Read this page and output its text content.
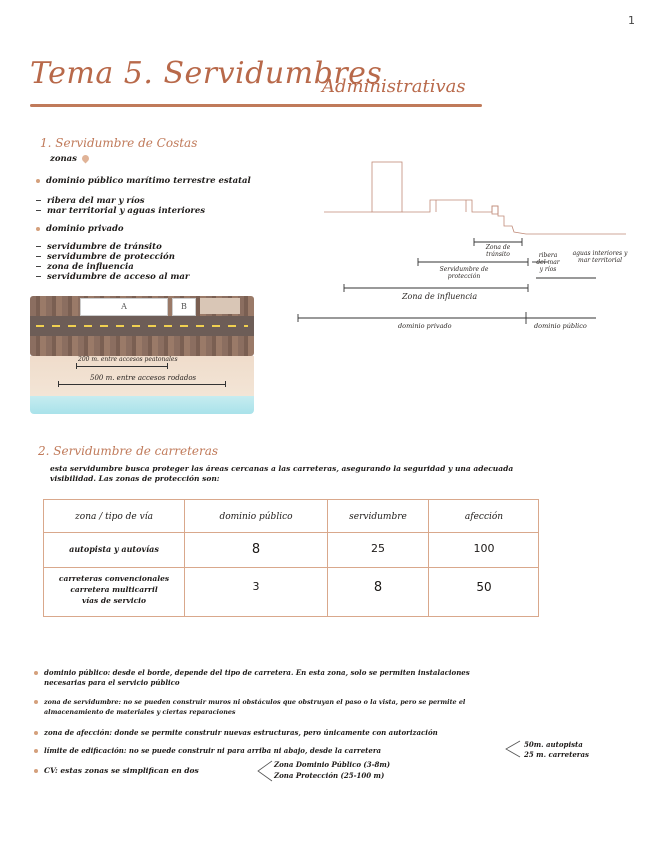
1
Tema 5. Servidumbres
Administrativas
1. Servidumbre de Costas
zonas
dominio público marítimo terrestre estatal
ribera del mar y ríos
mar territorial y aguas interiores
dominio privado
servidumbre de tránsito
servidumbre de protección
zona de influencia
servidumbre de acceso al mar
A	B
200 m. entre accesos peatonales
500 m. entre accesos rodados
Zona de tránsito
Servidumbre de protección
ribera del mar y ríos
aguas interiores y mar territorial
Zona de influencia
dominio privado	dominio público
2. Servidumbre de carreteras
esta servidumbre busca proteger las áreas cercanas a las carreteras, asegurando la seguridad y una adecuada
visibilidad. Las zonas de protección son:
zona / tipo de vía	dominio público	servidumbre	afección
autopista y autovías	8	25	100
carreteras convencionales
carretera multicarril
vías de servicio
3	8	50
dominio público: desde el borde, depende del tipo de carretera. En esta zona, solo se permiten instalaciones
necesarias para el servicio público
zona de servidumbre: no se pueden construir muros ni obstáculos que obstruyan el paso o la vista, pero se permite el
almacenamiento de materiales y ciertas reparaciones
zona de afección: donde se permite construir nuevas estructuras, pero únicamente con autorización
límite de edificación: no se puede construir ni para arriba ni abajo, desde la carretera
50m. autopista
25 m. carreteras
CV: estas zonas se simplifican en dos
Zona Dominio Público (3-8m)
Zona Protección (25-100 m)
